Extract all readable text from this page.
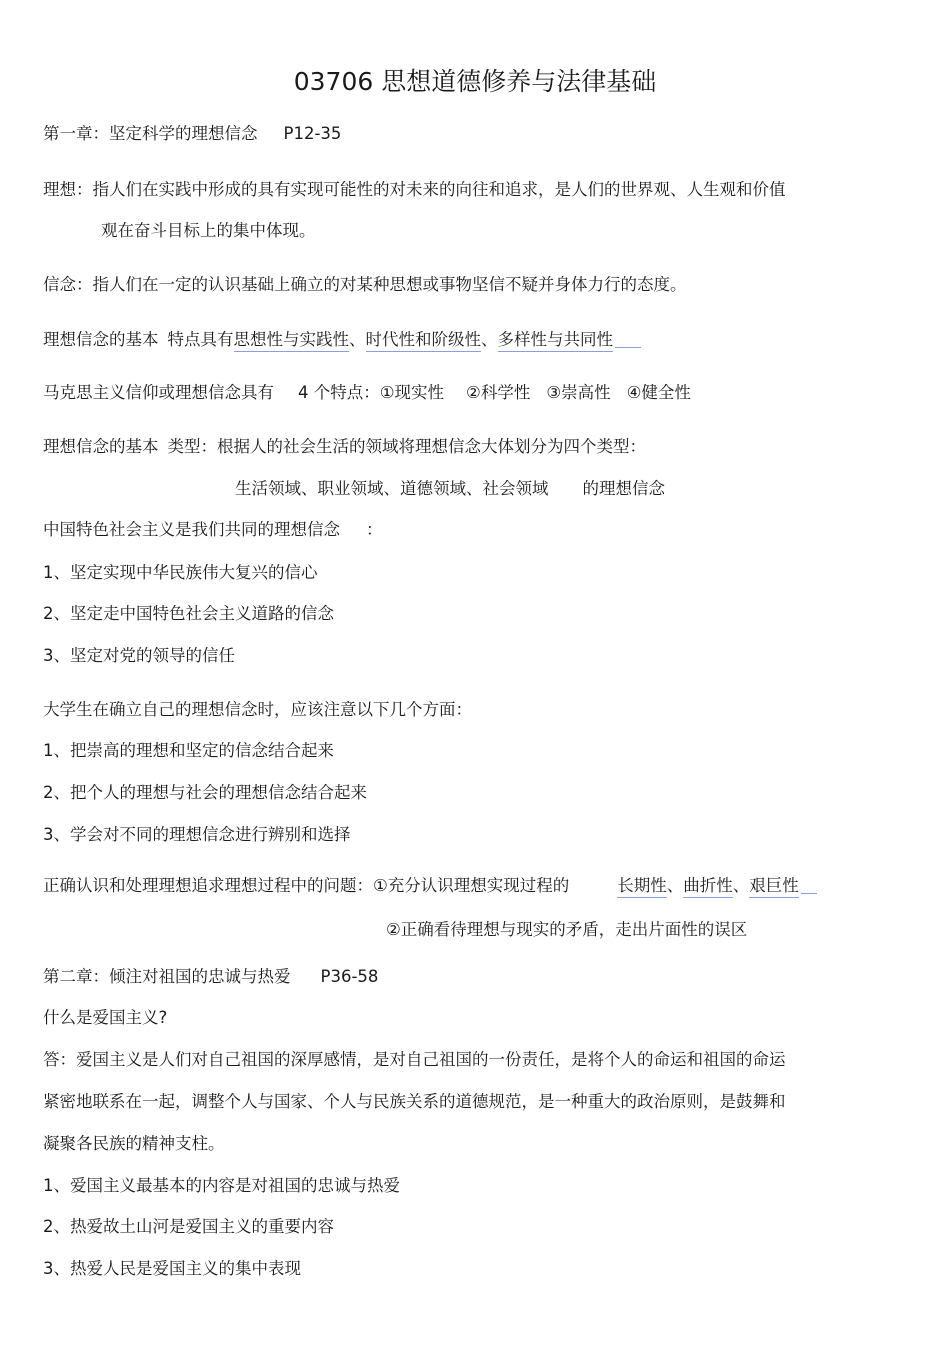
03706 思想道德修养与法律基础
第一章：坚定科学的理想信念 P12-35
理想：指人们在实践中形成的具有实现可能性的对未来的向往和追求，是人们的世界观、人生观和价值
观在奋斗目标上的集中体现。
信念：指人们在一定的认识基础上确立的对某种思想或事物坚信不疑并身体力行的态度。
理想信念的基本 特点具有思想性与实践性、时代性和阶级性、多样性与共同性
马克思主义信仰或理想信念具有 4 个特点：①现实性 ②科学性 ③崇高性 ④健全性
理想信念的基本 类型：根据人的社会生活的领域将理想信念大体划分为四个类型：
生活领域、职业领域、道德领域、社会领域 的理想信念
中国特色社会主义是我们共同的理想信念 ：
1、坚定实现中华民族伟大复兴的信心
2、坚定走中国特色社会主义道路的信念
3、坚定对党的领导的信任
大学生在确立自己的理想信念时，应该注意以下几个方面：
1、把崇高的理想和坚定的信念结合起来
2、把个人的理想与社会的理想信念结合起来
3、学会对不同的理想信念进行辨别和选择
正确认识和处理理想追求理想过程中的问题：①充分认识理想实现过程的	长期性、曲折性、艰巨性
②正确看待理想与现实的矛盾，走出片面性的误区
第二章：倾注对祖国的忠诚与热爱 P36-58
什么是爱国主义?
答：爱国主义是人们对自己祖国的深厚感情，是对自己祖国的一份责任，是将个人的命运和祖国的命运
紧密地联系在一起，调整个人与国家、个人与民族关系的道德规范，是一种重大的政治原则，是鼓舞和
凝聚各民族的精神支柱。
1、爱国主义最基本的内容是对祖国的忠诚与热爱
2、热爱故土山河是爱国主义的重要内容
3、热爱人民是爱国主义的集中表现
